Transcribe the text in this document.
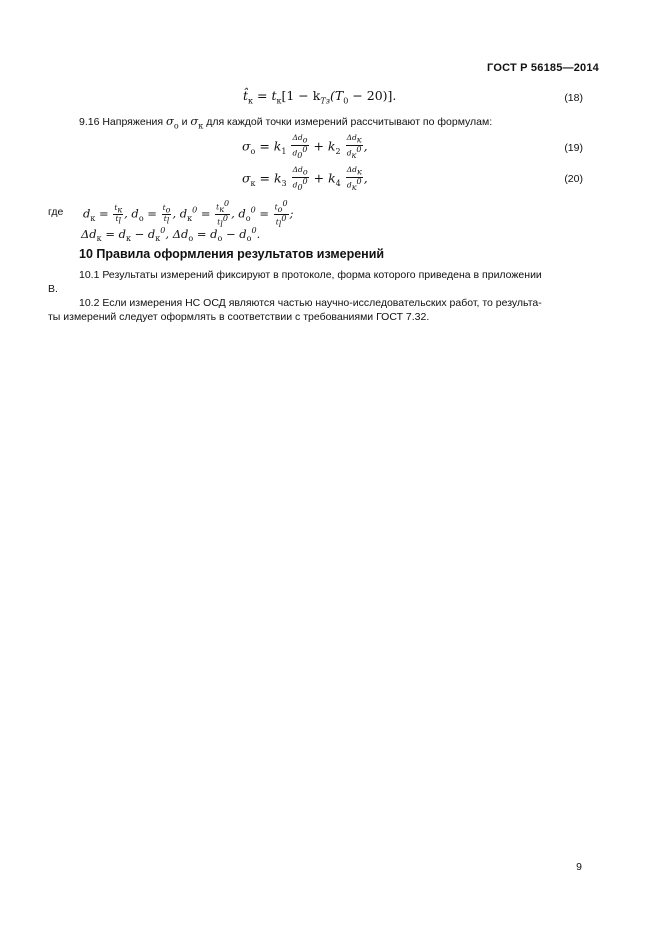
ГОСТ Р 56185—2014
$t̂_к = t_к[1 - k_{Tз}(T_0 - 20)]$.	(18)
9.16 Напряжения $\sigma_о$ и $\sigma_к$ для каждой точки измерений рассчитывают по формулам:
$\sigma_о = k_1 \frac{\Delta d_о}{d_0^0} + k_2 \frac{\Delta d_к}{d_к^0}$ ,	(19)
$\sigma_к = k_3 \frac{\Delta d_о}{d_0^0} + k_4 \frac{\Delta d_к}{d_к^0}$ ,	(20)
где $d_к = \frac{t_к}{t_l}$ , $d_о = \frac{t_о}{t_l}$ , $d_к^0 = \frac{t_к^0}{t_l^0}$ , $d_о^0 = \frac{t_о^0}{t_l^0}$ ;
$\Delta d_к = d_к - d_к^0$, $\Delta d_о = d_о - d_о^0$.
10 Правила оформления результатов измерений
10.1 Результаты измерений фиксируют в протоколе, форма которого приведена в приложении
В.
10.2 Если измерения НС ОСД являются частью научно-исследовательских работ, то результа-
ты измерений следует оформлять в соответствии с требованиями ГОСТ 7.32.
9
